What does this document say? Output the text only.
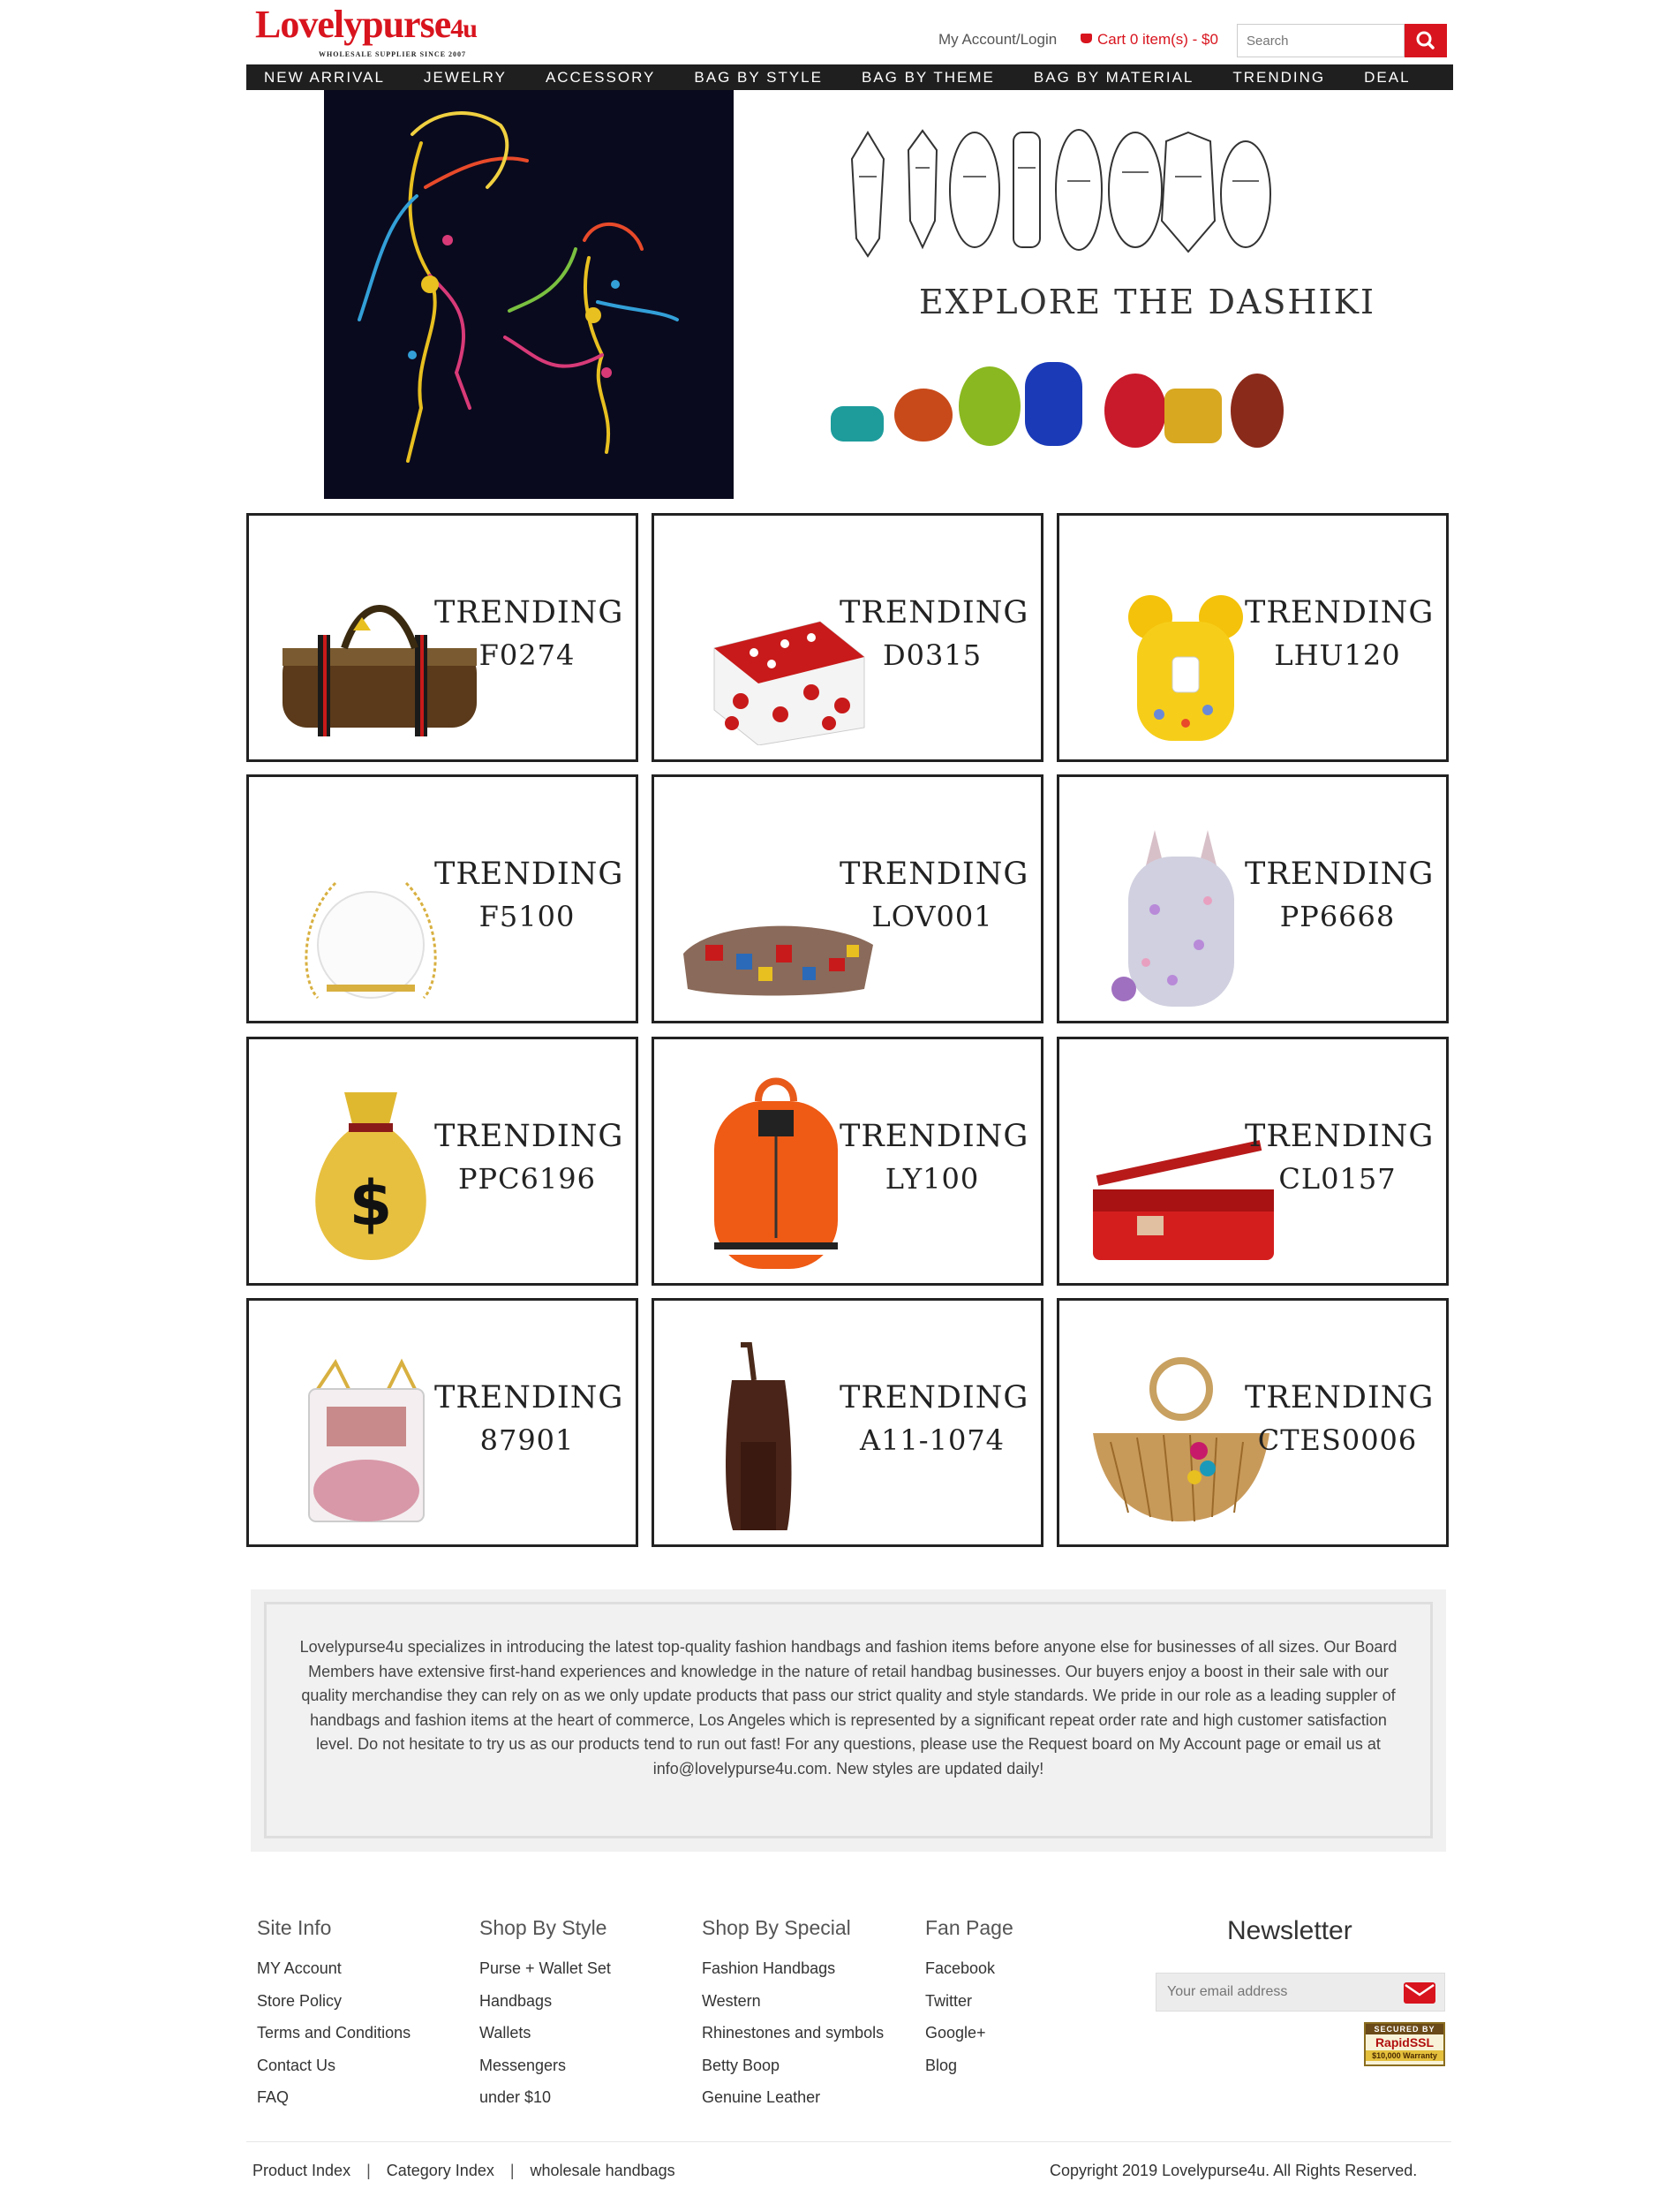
Lovelypurse4u
WHOLESALE SUPPLIER SINCE 2007
My Account/Login	Cart 0 item(s) - $0
Search
NEW ARRIVAL	JEWELRY	ACCESSORY	BAG BY STYLE	BAG BY THEME	BAG BY MATERIAL	TRENDING	DEAL
EXPLORE THE DASHIKI
TRENDING
F0274
TRENDING
D0315
TRENDING
LHU120
TRENDING
F5100
TRENDING
LOV001
TRENDING
PP6668
$
TRENDING
PPC6196
TRENDING
LY100
TRENDING
CL0157
TRENDING
87901
TRENDING
A11-1074
TRENDING
CTES0006
Lovelypurse4u specializes in introducing the latest top-quality fashion handbags and fashion items before anyone else for businesses of all sizes. Our Board Members have extensive first-hand experiences and knowledge in the nature of retail handbag businesses. Our buyers enjoy a boost in their sale with our quality merchandise they can rely on as we only update products that pass our strict quality and style standards. We pride in our role as a leading suppler of handbags and fashion items at the heart of commerce, Los Angeles which is represented by a significant repeat order rate and high customer satisfaction level. Do not hesitate to try us as our products tend to run out fast! For any questions, please use the Request board on My Account page or email us at info@lovelypurse4u.com. New styles are updated daily!
Site Info
MY Account
Store Policy
Terms and Conditions
Contact Us
FAQ
Shop By Style
Purse + Wallet Set
Handbags
Wallets
Messengers
under $10
Shop By Special
Fashion Handbags
Western
Rhinestones and symbols
Betty Boop
Genuine Leather
Fan Page
Facebook
Twitter
Google+
Blog
Newsletter
Your email address
SECURED BY
RapidSSL
$10,000 Warranty
Product Index | Category Index | wholesale handbags	Copyright 2019 Lovelypurse4u. All Rights Reserved.
